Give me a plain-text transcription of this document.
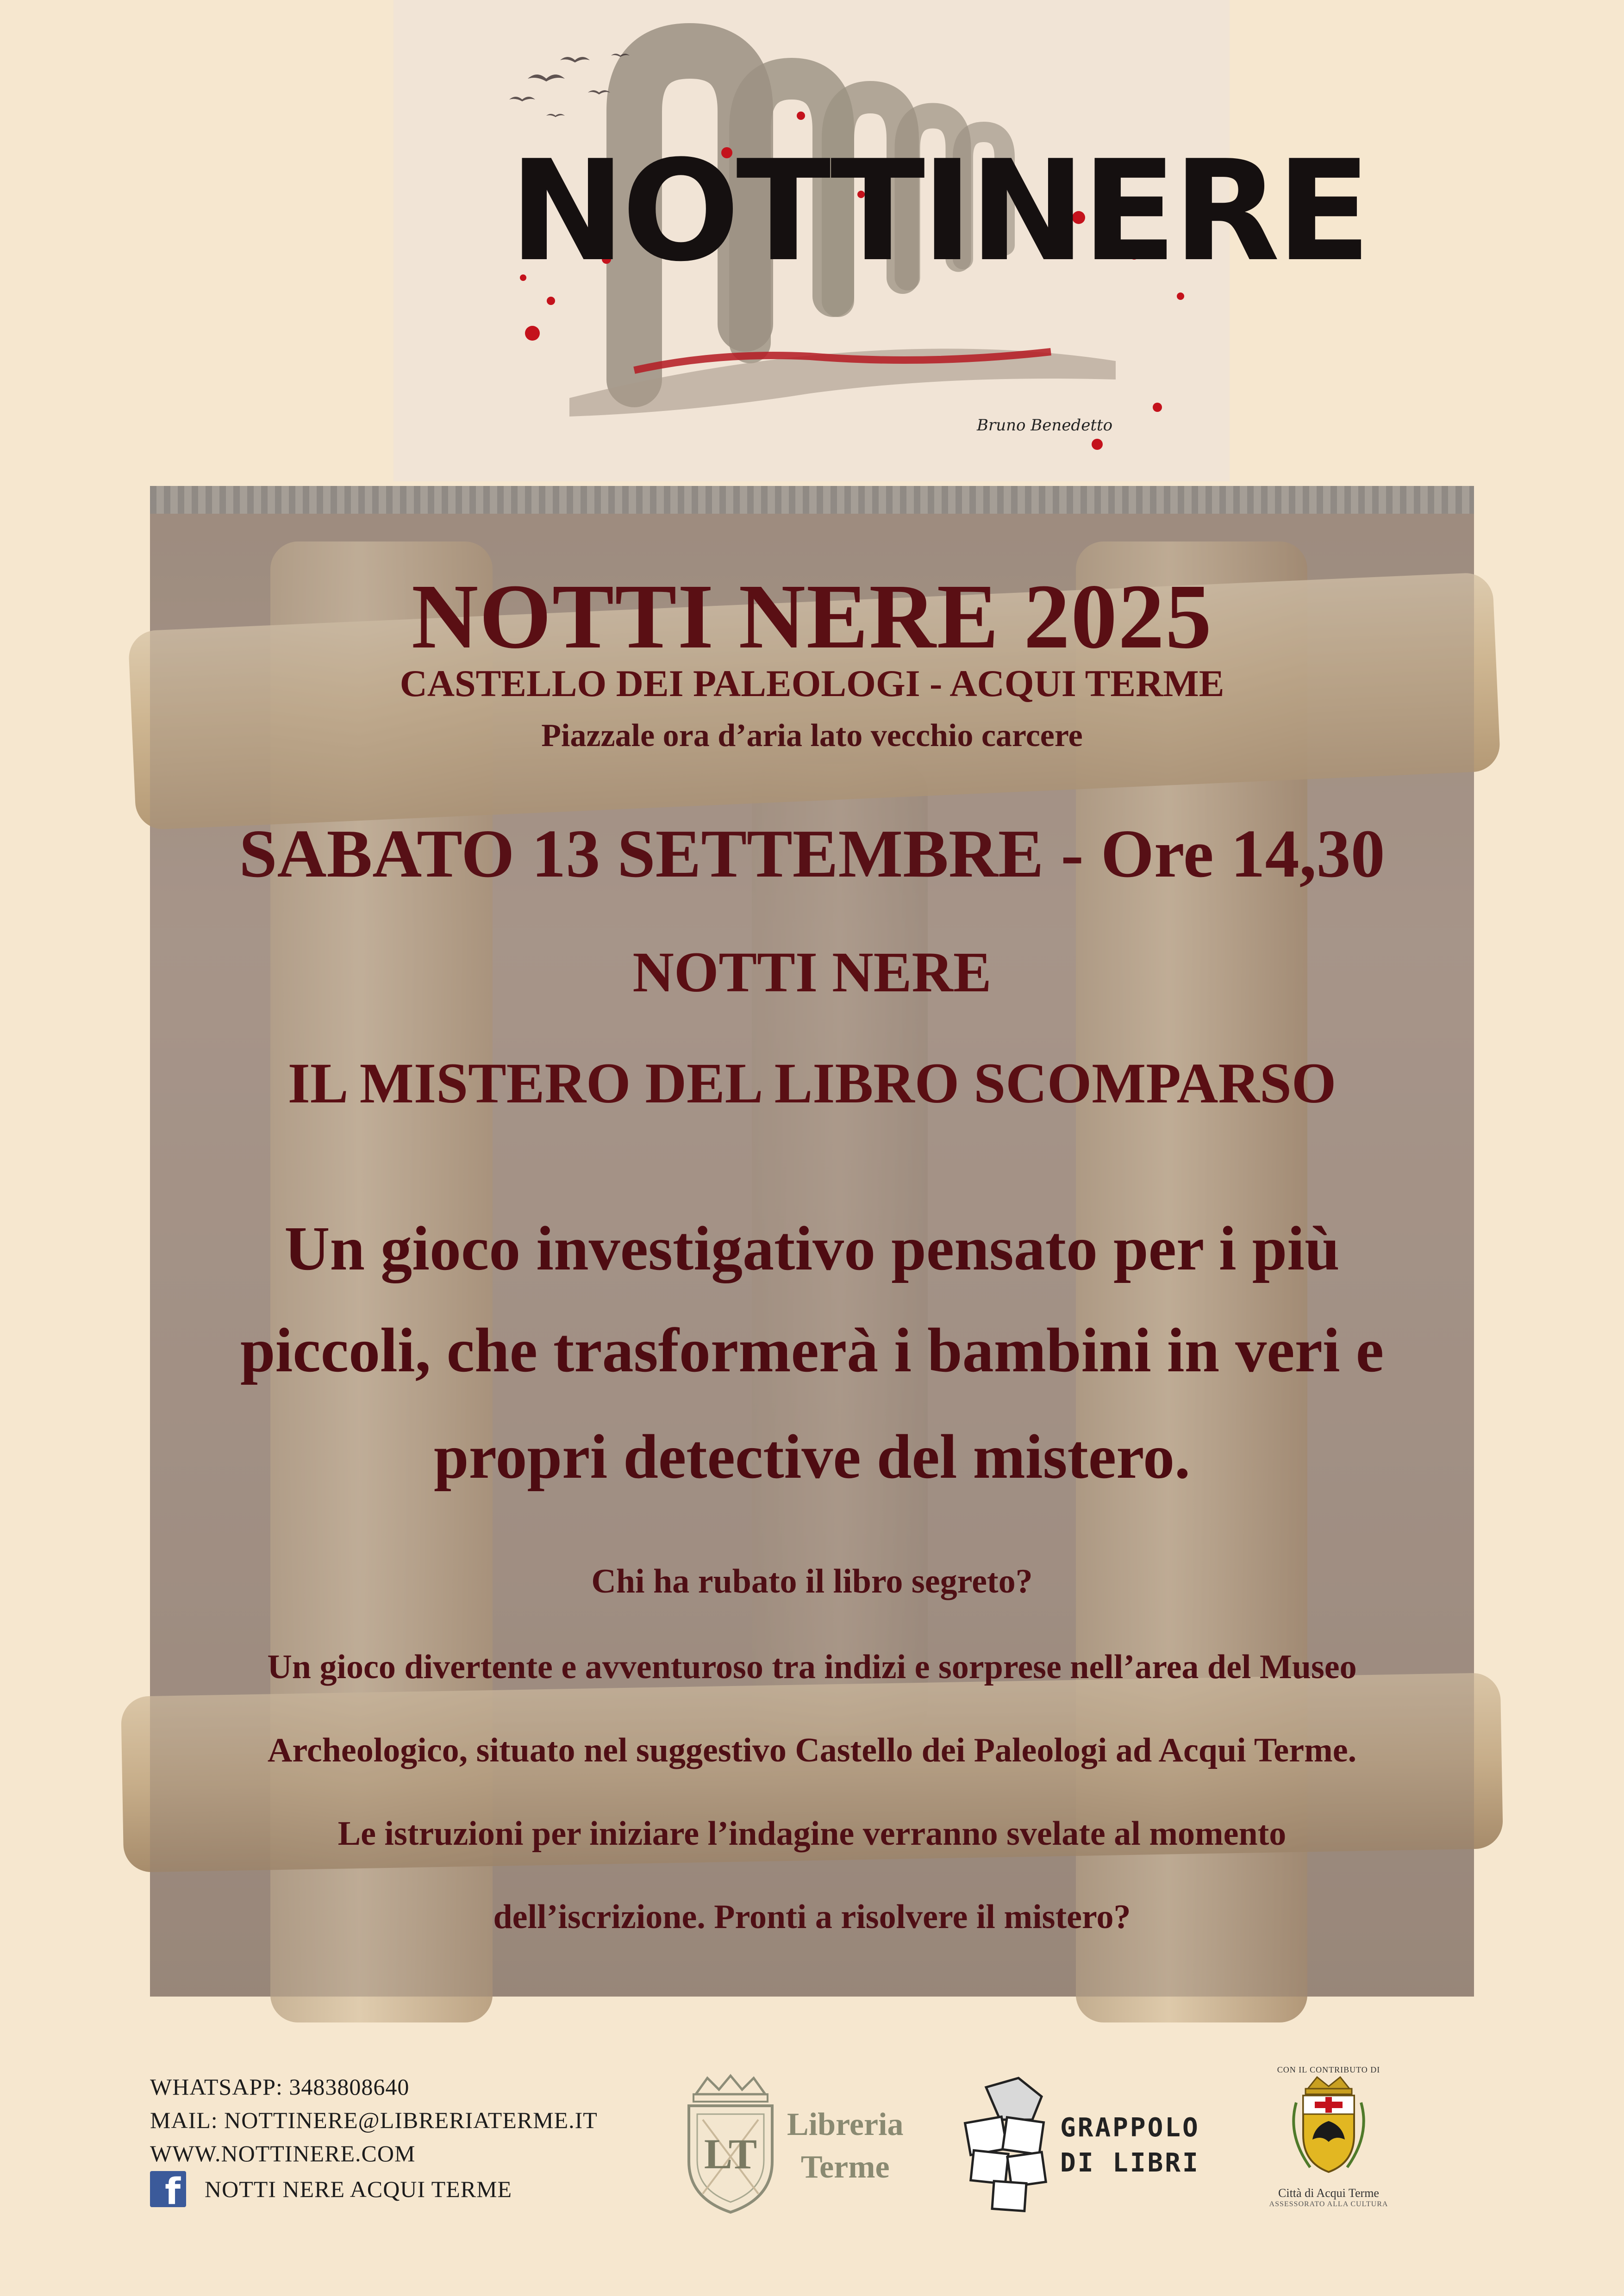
NOTTINERE
Bruno Benedetto
NOTTI NERE 2025
CASTELLO DEI PALEOLOGI - ACQUI TERME
Piazzale ora d’aria lato vecchio carcere
SABATO 13 SETTEMBRE - Ore 14,30
NOTTI NERE
IL MISTERO DEL LIBRO SCOMPARSO
Un gioco investigativo pensato per i più
piccoli, che trasformerà i bambini in veri e
propri detective del mistero.
Chi ha rubato il libro segreto?
Un gioco divertente e avventuroso tra indizi e sorprese nell’area del Museo
Archeologico, situato nel suggestivo Castello dei Paleologi ad Acqui Terme.
Le istruzioni per iniziare l’indagine verranno svelate al momento
dell’iscrizione. Pronti a risolvere il mistero?
WHATSAPP: 3483808640
MAIL: NOTTINERE@LIBRERIATERME.IT
WWW.NOTTINERE.COM
f NOTTI NERE ACQUI TERME
LT
Libreria
Terme
GRAPPOLO
DI LIBRI
CON IL CONTRIBUTO DI
Città di Acqui Terme
ASSESSORATO ALLA CULTURA
